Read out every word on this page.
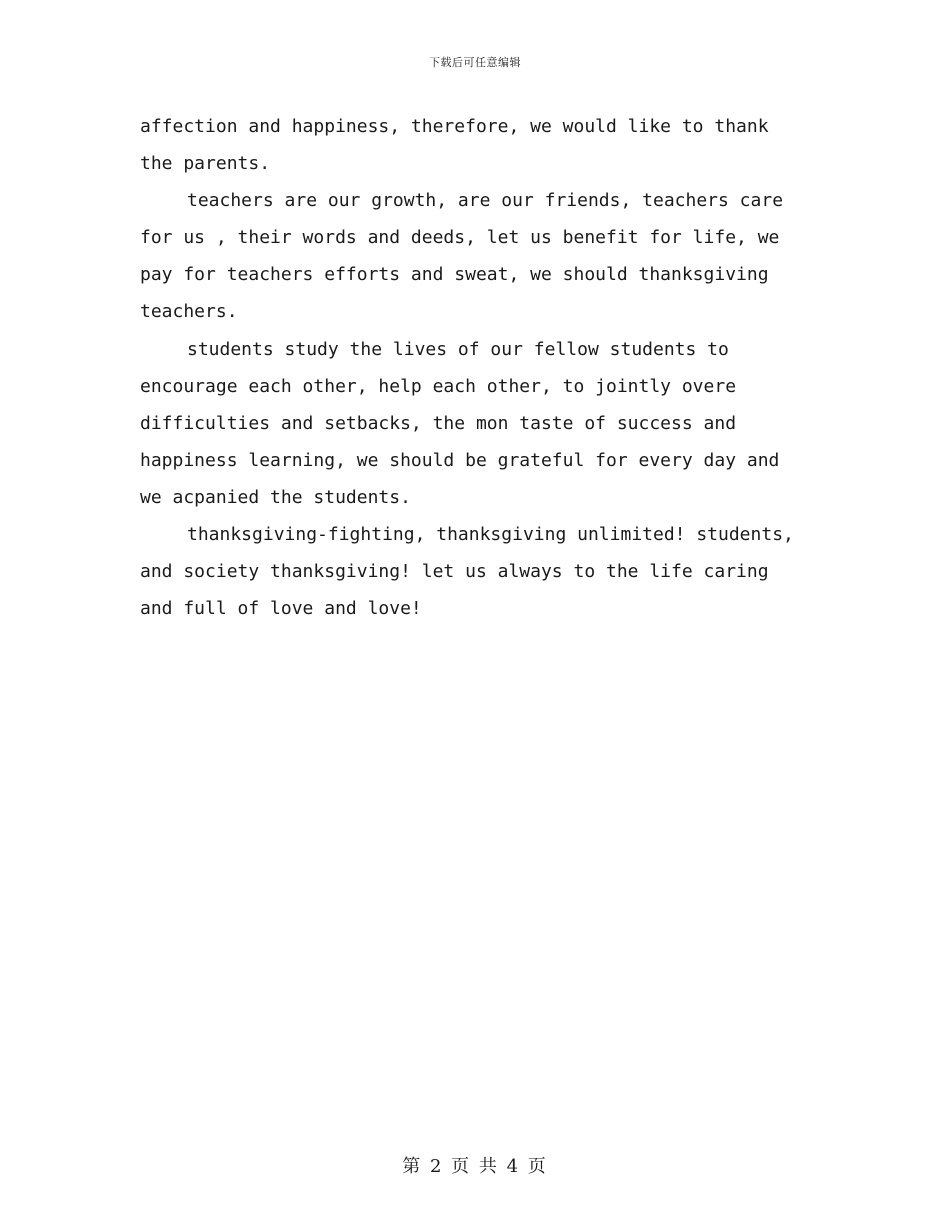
下载后可任意编辑

affection and happiness, therefore, we would like to thank
the parents.

teachers are our growth, are our friends, teachers care
for us , their words and deeds, let us benefit for life, we
pay for teachers efforts and sweat, we should thanksgiving
teachers.

students study the lives of our fellow students to
encourage each other, help each other, to jointly overe
difficulties and setbacks, the mon taste of success and
happiness learning, we should be grateful for every day and
we acpanied the students.

thanksgiving-fighting, thanksgiving unlimited! students,
and society thanksgiving! let us always to the life caring
and full of love and love!

第 2 页 共 4 页
